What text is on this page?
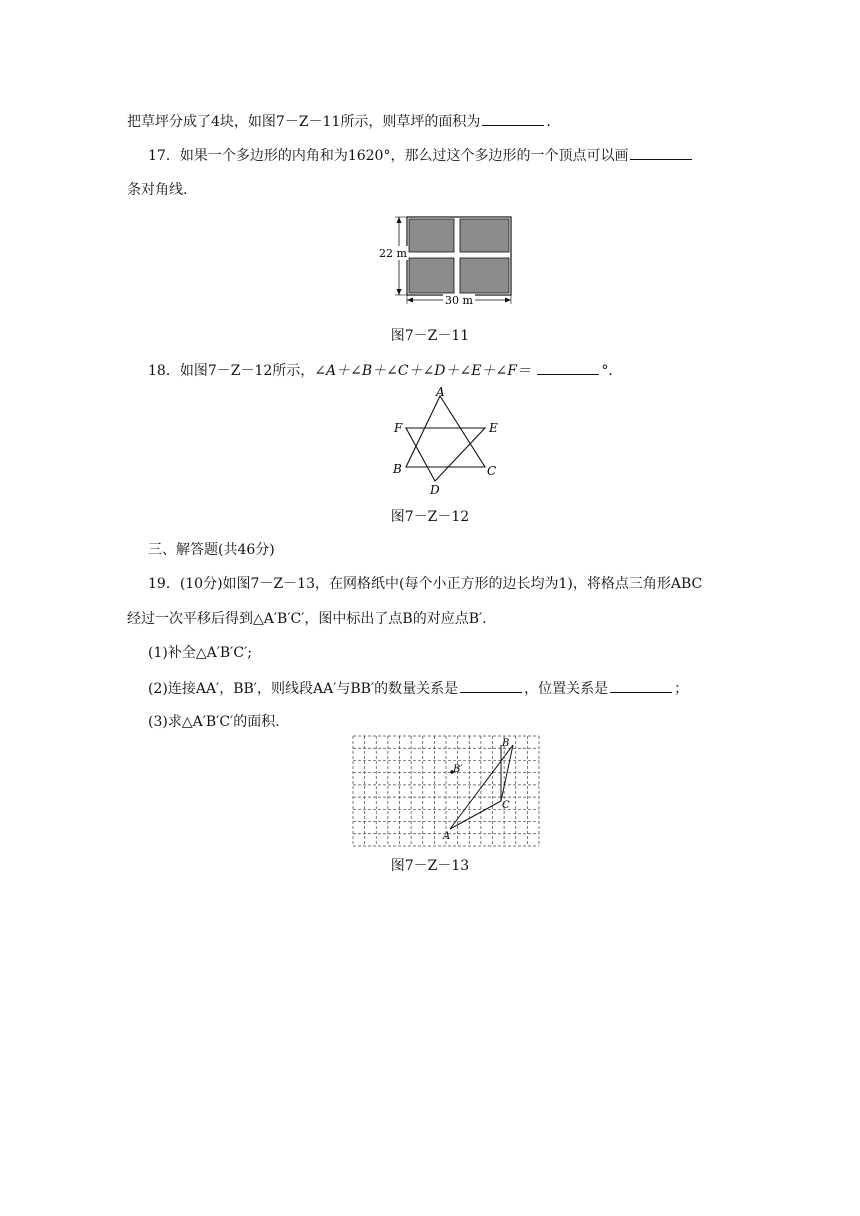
把草坪分成了4块，如图7－Z－11所示，则草坪的面积为	.
17．如果一个多边形的内角和为1620°，那么过这个多边形的一个顶点可以画
条对角线.
22 m
30 m
图7－Z－11
18．如图7－Z－12所示，∠A＋∠B＋∠C＋∠D＋∠E＋∠F＝	°.
A
B	C
D
E
F
图7－Z－12
三、解答题(共46分)
19．(10分)如图7－Z－13，在网格纸中(每个小正方形的边长均为1)，将格点三角形ABC
经过一次平移后得到△A′B′C′，图中标出了点B的对应点B′.
(1)补全△A′B′C′;
(2)连接AA′，BB′，则线段AA′与BB′的数量关系是	，位置关系是	；
(3)求△A′B′C′的面积.
A
B
C
B′
图7－Z－13
